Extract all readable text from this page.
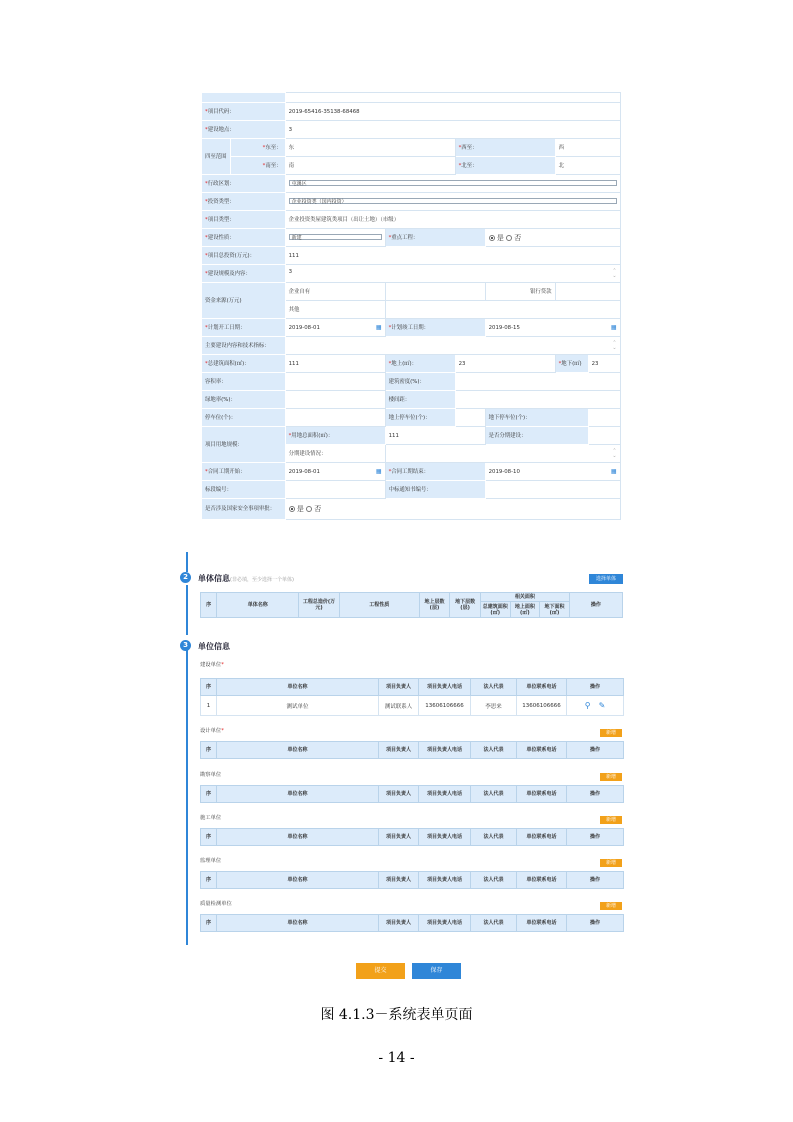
*项目代码：		2019-65416-35138-68468					
*建设地点：		3					
四至范围	*东至：	东		*西至：		西	
	*南至：	南		*北至：		北	
*行政区划：		屯溪区					
*投资类型：		企业投资类（国内投资）					
*项目类型：		企业投资类屋建筑类项目（出让土地）（市级）					
*建设性质：		新建	*重点工程：		是 否		
*项目总投资(万元)：		111					
*建设规模及内容：		3 ⌃
⌄					

资金来源(万元)		企业自有			银行贷款		
		其他					
*计划开工日期：		2019-08-01 ▦	*计划竣工日期：		2019-08-15 ▦		

主要建设内容和技术指标：		⌃
⌄					

*总建筑面积(㎡)：		111	*地上(㎡)：	23		*地下(㎡)	23
容积率：			建筑密度(%)：				
绿地率(%)：			楼间距：				
停车位(个)：			地上停车位(个)：		地下停车位(个)：		
项目用地规模：		*用地总面积(㎡)：	111		是否分期建设：		
		分期建设情况：	⌃
⌄				

*合同工期开始：		2019-08-01 ▦	*合同工期结束：		2019-08-10 ▦		

标段编号：			中标通知书编号：				
是否涉及国家安全事项审批：		是 否					
2	单体信息(非必填，至少选择一个单体)	选择单体
序	单体名称	工程总造价(万元)	工程性质	地上层数(层)	地下层数(层)	相关面积			操作
						总建筑面积(㎡)	地上面积(㎡)	地下面积(㎡)	
3	单位信息
建设单位*
序	单位名称	项目负责人	项目负责人电话	法人代表	单位联系电话	操作
1	测试单位	测试联系人	13606106666	李思来	13606106666	⚲ ✎
设计单位*	新增
序	单位名称	项目负责人	项目负责人电话	法人代表	单位联系电话	操作
勘察单位	新增
序	单位名称	项目负责人	项目负责人电话	法人代表	单位联系电话	操作
施工单位	新增
序	单位名称	项目负责人	项目负责人电话	法人代表	单位联系电话	操作
监理单位	新增
序	单位名称	项目负责人	项目负责人电话	法人代表	单位联系电话	操作
质量检测单位	新增
序	单位名称	项目负责人	项目负责人电话	法人代表	单位联系电话	操作
提交	保存
图 4.1.3－系统表单页面
- 14 -
